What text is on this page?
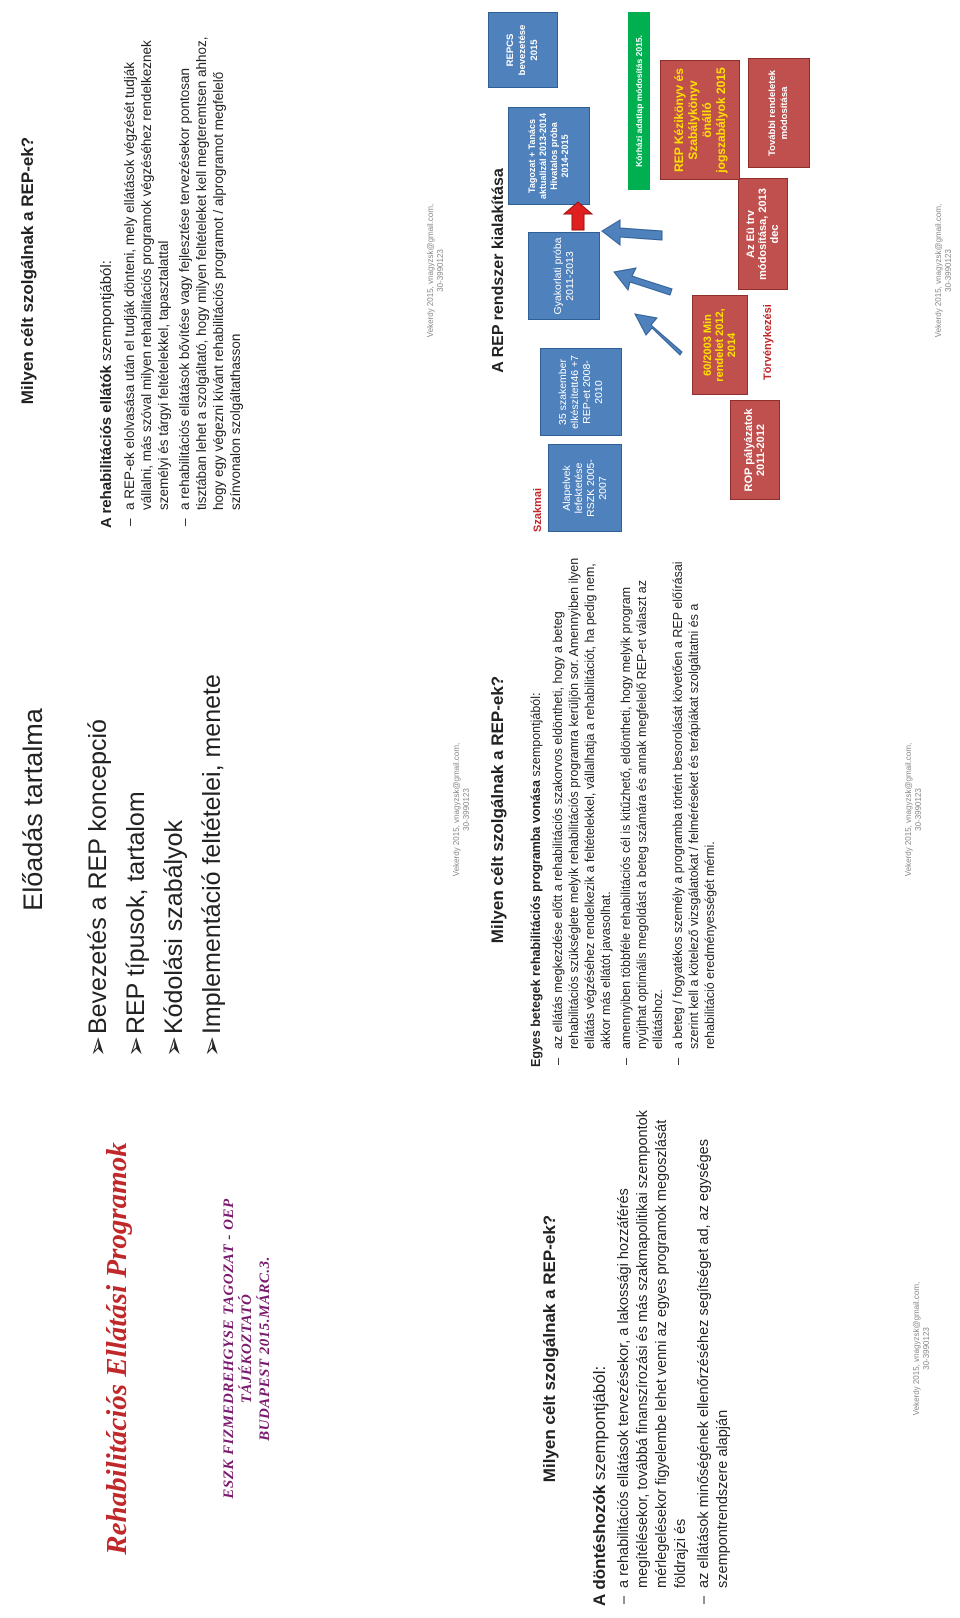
Rehabilitációs Ellátási Programok	ESZK FIZMEDREHGYSE TAGOZAT - OEP TÁJÉKOZTATÓ BUDAPEST 2015.MÁRC.3.
Előadás tartalma
➢Bevezetés a REP koncepció
➢REP típusok, tartalom
➢Kódolási szabályok
➢Implementáció feltételei, menete	Vekerdy 2015, vnagyzsk@gmail.com, 30-3990123
Milyen célt szolgálnak a REP-ek?
A rehabilitációs ellátók szempontjából: – a REP-ek elolvasása után el tudják dönteni, mely ellátások végzését tudják vállalni, más szóval milyen rehabilitációs programok végzéséhez rendelkeznek személyi és tárgyi feltételekkel, tapasztalattal – a rehabilitációs ellátások bővítése vagy fejlesztése tervezésekor pontosan tisztában lehet a szolgáltató, hogy milyen feltételeket kell megteremtsen ahhoz, hogy egy végezni kívánt rehabilitációs programot / alprogramot megfelelő színvonalon szolgáltathasson
Vekerdy 2015, vnagyzsk@gmail.com, 30-3990123
Milyen célt szolgálnak a REP-ek?
A döntéshozók szempontjából: – a rehabilitációs ellátások tervezésekor, a lakossági hozzáférés megítélésekor, továbbá finanszírozási és más szakmapolitikai szempontok mérlegelésekor figyelembe lehet venni az egyes programok megoszlását földrajzi és – az ellátások minőségének ellenőrzéséhez segítséget ad, az egységes szempontrendszere alapján
Vekerdy 2015, vnagyzsk@gmail.com, 30-3990123
Milyen célt szolgálnak a REP-ek? Egyes betegek rehabilitációs programba vonása szempontjából: – az ellátás megkezdése előtt a rehabilitációs szakorvos eldöntheti, hogy a beteg rehabilitációs szükséglete melyik rehabilitációs programra kerüljön sor. Amennyiben ilyen ellátás végzéséhez rendelkezik a feltételekkel, vállalhatja a rehabilitációt, ha pedig nem, akkor más ellátót javasolhat. – amennyiben többféle rehabilitációs cél is kitűzhető, eldöntheti, hogy melyik program nyújthat optimális megoldást a beteg számára és annak megfelelő REP-et választ az ellátáshoz. – a beteg / fogyatékos személy a programba történt besorolását követően a REP előírásai szerint kell a kötelező vizsgálatokat / felméréseket és terápiákat szolgáltatni és a rehabilitáció eredményességét mérni.
Vekerdy 2015, vnagyzsk@gmail.com, 30-3990123
A REP rendszer kialakítása
Szakmai	Alapelvek lefektetése RSZK 2005-2007
35 szakember elkészített46 +7 REP-et 2008-2010
Gyakorlati próba 2011-2013
Tagozat + Tanács aktualizál 2013-2014 Hivatalos próba 2014-2015
REPCS bevezetése 2015	Kórházi adatlap módosítás 2015.
ROP pályázatok 2011-2012
60/2003 Min rendelet 2012, 2014
Az Eü trv módosítása, 2013 dec
REP Kézikönyv és Szabálykönyv önálló jogszabályok 2015	További rendeletek módosítása
Törvénykezési
Vekerdy 2015, vnagyzsk@gmail.com, 30-3990123
